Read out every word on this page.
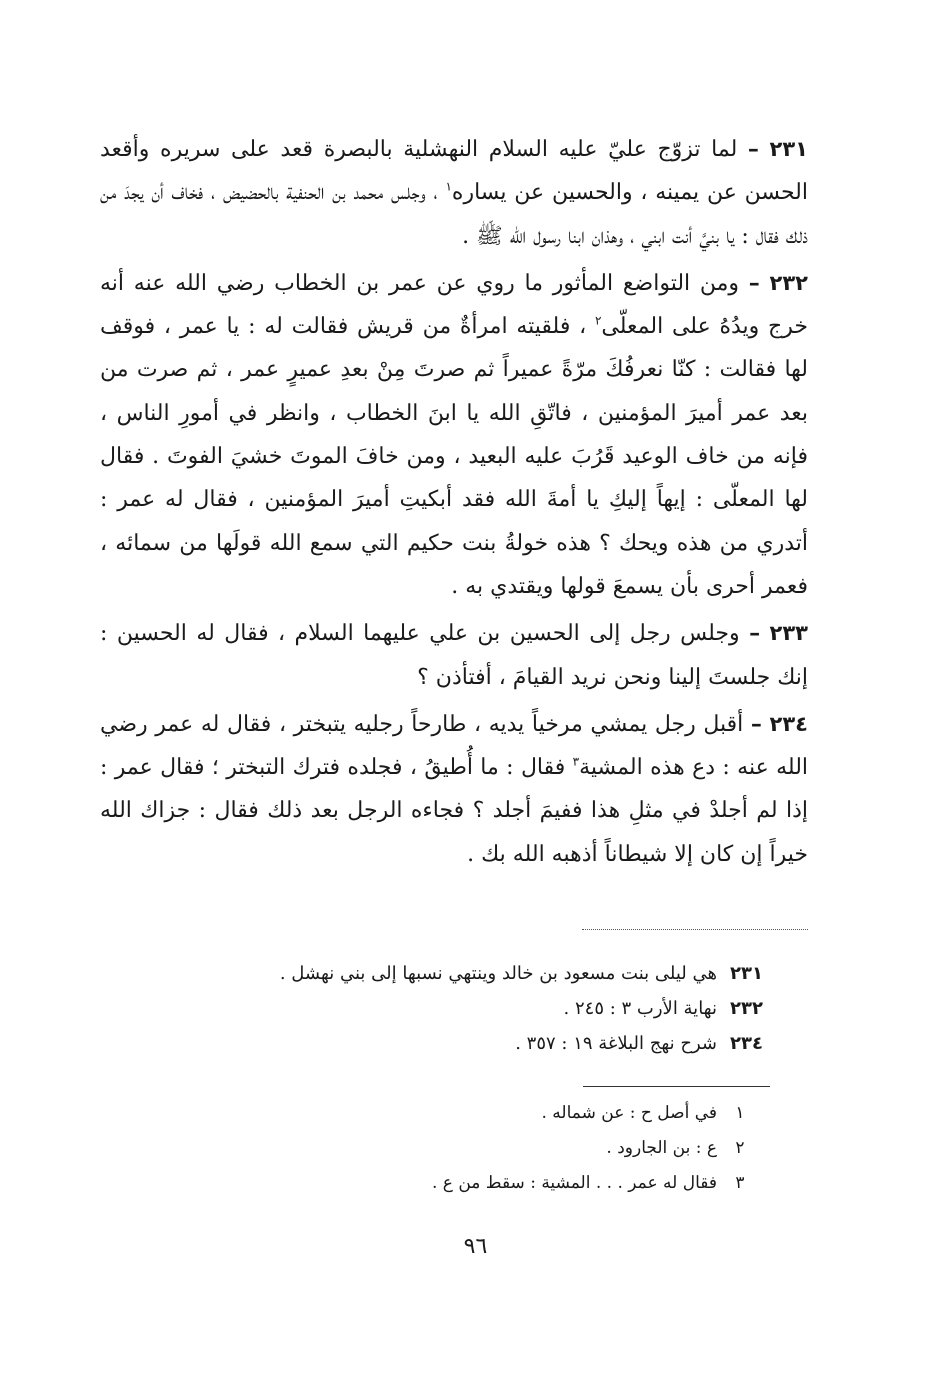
٢٣١ – لما تزوّج عليّ عليه السلام النهشلية بالبصرة قعد على سريره وأقعد الحسن عن يمينه ، والحسين عن يساره$^١$ ، وجلس محمد بن الحنفية بالحضيض ، فخاف أن يجدَ من ذلك فقال : يا بنيَّ أنت ابني ، وهذان ابنا رسول الله ﷺ .

٢٣٢ – ومن التواضع المأثور ما روي عن عمر بن الخطاب رضي الله عنه أنه خرج ويدُهُ على المعلّى$^٢$ ، فلقيته امرأةٌ من قريش فقالت له : يا عمر ، فوقف لها فقالت : كنّا نعرفُكَ مرّةً عميراً ثم صرتَ مِنْ بعدِ عميرٍ عمر ، ثم صرت من بعد عمر أميرَ المؤمنين ، فاتّقِ الله يا ابنَ الخطاب ، وانظر في أمورِ الناس ، فإنه من خاف الوعيد قَرُبَ عليه البعيد ، ومن خافَ الموتَ خشيَ الفوتَ . فقال لها المعلّى : إيهاً إليكِ يا أمةَ الله فقد أبكيتِ أميرَ المؤمنين ، فقال له عمر : أتدري من هذه ويحك ؟ هذه خولةُ بنت حكيم التي سمع الله قولَها من سمائه ، فعمر أحرى بأن يسمعَ قولها ويقتدي به .

٢٣٣ – وجلس رجل إلى الحسين بن علي عليهما السلام ، فقال له الحسين : إنك جلستَ إلينا ونحن نريد القيامَ ، أفتأذن ؟

٢٣٤ – أقبل رجل يمشي مرخياً يديه ، طارحاً رجليه يتبختر ، فقال له عمر رضي الله عنه : دع هذه المشية$^٣$ فقال : ما أُطيقُ ، فجلده فترك التبختر ؛ فقال عمر : إذا لم أجلدْ في مثلِ هذا ففيمَ أجلد ؟ فجاءه الرجل بعد ذلك فقال : جزاك الله خيراً إن كان إلا شيطاناً أذهبه الله بك .

٢٣١هي ليلى بنت مسعود بن خالد وينتهي نسبها إلى بني نهشل .
٢٣٢نهاية الأرب ٣ : ٢٤٥ .
٢٣٤شرح نهج البلاغة ١٩ : ٣٥٧ .
١في أصل ح : عن شماله .
٢ع : بن الجارود .
٣فقال له عمر . . . المشية : سقط من ع .
٩٦
